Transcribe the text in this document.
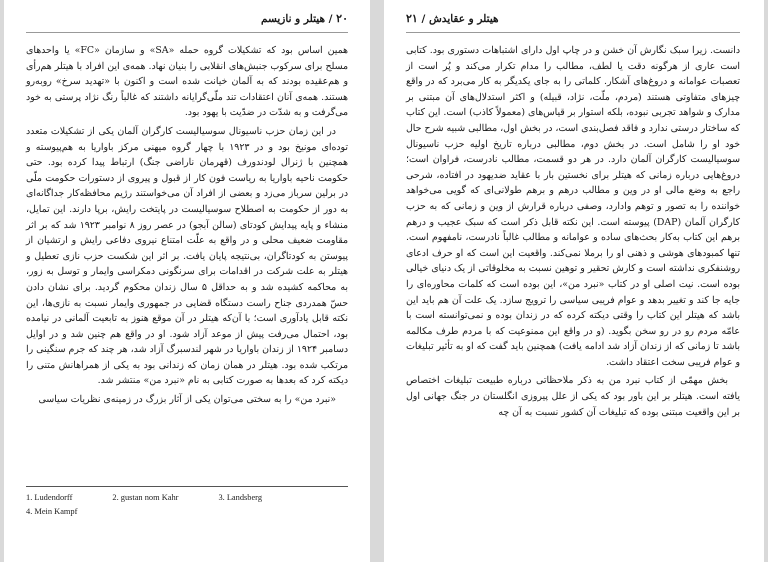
۲۰ / هیتلر و نازیسم

همین اساس بود که تشکیلات گروه حمله «SA» و سازمان «FC» یا واحدهای مسلح برای سرکوب جنبش‌های انقلابی را بنیان نهاد. همه‌ی این افراد با هیتلر هم‌رأی و هم‌عقیده بودند که به آلمان خیانت شده است و اکنون با «تهدید سرخ» روبه‌رو هستند. همه‌ی آنان اعتقادات تند ملّی‌گرایانه داشتند که غالباً رنگ نژاد پرستی به خود می‌گرفت و به شدّت در ضدّیت با یهود بود.

در این زمان حزب ناسیونال سوسیالیست کارگران آلمان یکی از تشکیلات متعدد توده‌ای مونیخ بود و در ۱۹۲۳ با چهار گروه میهنی مرکز باواریا به هم‌پیوسته و همچنین با ژنرال لودندورف (قهرمان ناراضی جنگ) ارتباط پیدا کرده بود. حتی حکومت ناحیه باواریا به ریاست فون کار از قبول و پیروی از دستورات حکومت ملّی در برلین سرباز می‌زد و بعضی از افراد آن می‌خواستند رژیم محافظه‌کار جداگانه‌ای به دور از حکومت به اصطلاح سوسیالیست در پایتخت رایش، برپا دارند. این تمایل، منشاء و پایه پیدایش کودتای (سالن آبجو) در عصر روز ۸ نوامبر ۱۹۲۳ شد که بر اثر مقاومت ضعیف محلی و در واقع به علّت امتناع نیروی دفاعی رایش و ارتشیان از پیوستن به کودتاگران، بی‌نتیجه پایان یافت. بر اثر این شکست حزب نازی تعطیل و هیتلر به علت شرکت در اقدامات برای سرنگونی دمکراسی وایمار و توسل به زور، به محاکمه کشیده شد و به حداقل ۵ سال زندان محکوم گردید. برای نشان دادن حسّ همدردی جناح راست دستگاه قضایی در جمهوری وایمار نسبت به نازی‌ها، این نکته قابل یادآوری است؛ با آن‌که هیتلر در آن موقع هنوز به تابعیت آلمانی در نیامده بود، احتمال می‌رفت پیش از موعد آزاد شود. او در واقع هم چنین شد و در اوایل دسامبر ۱۹۲۴ از زندان باواریا در شهر لندسبرگ آزاد شد، هر چند که جرم سنگینی را مرتکب شده بود. هیتلر در همان زمان که زندانی بود به یکی از همراهانش متنی را دیکته کرد که بعدها به صورت کتابی به نام «نبرد من» منتشر شد.

«نبرد من» را به سختی می‌توان یکی از آثار بزرگ در زمینه‌ی نظریات سیاسی

1. Ludendorff	2. gustan nom Kahr	3. Landsberg
4. Mein Kampf
هیتلر و عقایدش / ۲۱

دانست. زیرا سبک نگارش آن خشن و در چاپ اول دارای اشتباهات دستوری بود. کتابی است عاری از هرگونه دقت یا لطف، مطالب را مدام تکرار می‌کند و پُر است از تعصبات عوامانه و دروغ‌های آشکار. کلماتی را به جای یکدیگر به کار می‌برد که در واقع چیزهای متفاوتی هستند (مردم، ملّت، نژاد، قبیله) و اکثر استدلال‌های آن مبتنی بر مدارک و شواهد تجربی نبوده، بلکه استوار بر قیاس‌های (معمولاً کاذب) است. این کتاب که ساختار درستی ندارد و فاقد فصل‌بندی است، در بخش اول، مطالبی شبیه شرح حال خود او را شامل است. در بخش دوم، مطالبی درباره تاریخ اولیه حزب ناسیونال سوسیالیست کارگران آلمان دارد. در هر دو قسمت، مطالب نادرست، فراوان است؛ دروغ‌هایی درباره زمانی که هیتلر برای نخستین بار با عقاید ضدیهود در افتاده، شرحی راجع به وضع مالی او در وین و مطالب درهم و برهم طولانی‌ای که گویی می‌خواهد خواننده را به تصور و توهم وادارد، وصفی درباره قرارش از وین و زمانی که به حزب کارگران آلمان (DAP) پیوسته است. این نکته قابل ذکر است که سبک عجیب و درهم برهم این کتاب به‌کار بحث‌های ساده و عوامانه و مطالب غالباً نادرست، نامفهوم است. تنها کمبودهای هوشی و ذهنی او را برملا نمی‌کند. واقعیت این است که او حرف ادعای روشنفکری نداشته است و کارش تحقیر و توهین نسبت به مخلوقاتی از یک دنیای خیالی بوده است. نیت اصلی او در کتاب «نبرد من»، این بوده است که کلمات محاوره‌ای را جایه جا کند و تغییر بدهد و عوام فریبی سیاسی را ترویج سازد. یک علت آن هم باید این باشد که هیتلر این کتاب را وقتی دیکته کرده که در زندان بوده و نمی‌توانسته است با عامّه مردم رو در رو سخن بگوید. (و در واقع این ممنوعیت که با مردم طرف مکالمه باشد تا زمانی که از زندان آزاد شد ادامه یافت) همچنین باید گفت که او به تأثیر تبلیغات و عوام فریبی سخت اعتقاد داشت.

بخش مهمّی از کتاب نبرد من به ذکر ملاحظاتی درباره طبیعت تبلیغات اختصاص یافته است. هیتلر بر این باور بود که یکی از علل پیروزی انگلستان در جنگ جهانی اول بر این واقعیت مبتنی بوده که تبلیغات آن کشور نسبت به آن چه
